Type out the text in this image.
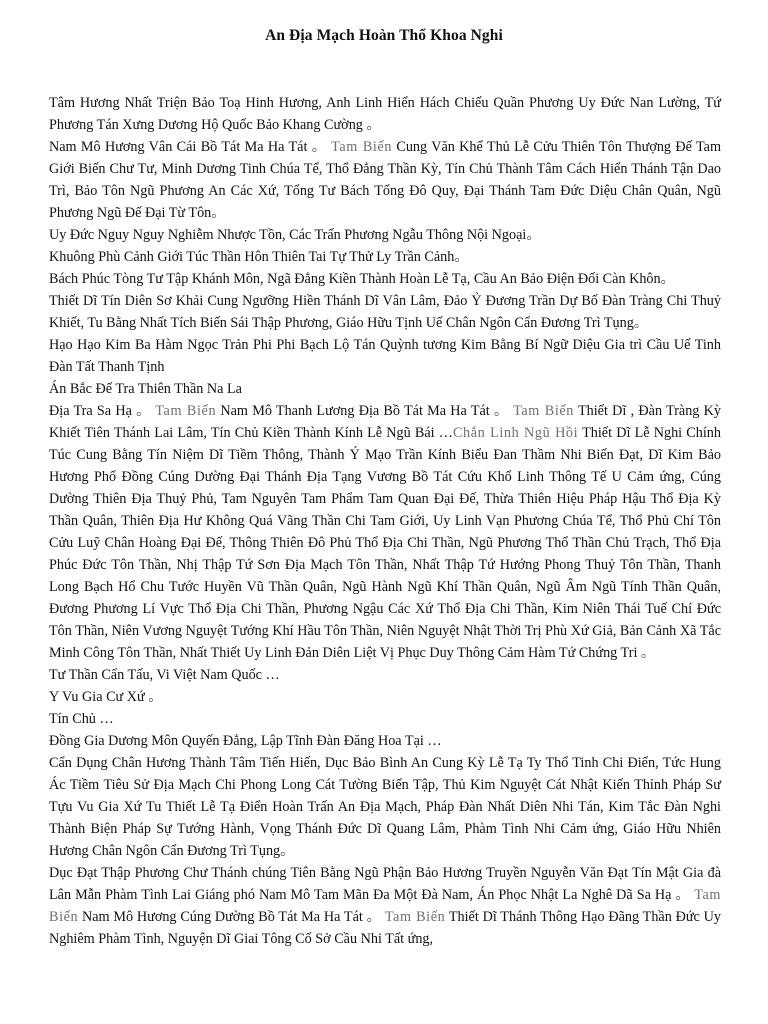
An Địa Mạch Hoàn Thổ Khoa Nghi

Tâm Hương Nhất Triện Bảo Toạ Hinh Hương, Anh Linh Hiển Hách Chiếu Quần Phương Uy Đức Nan Lường, Tứ Phương Tán Xưng Dương Hộ Quốc Bảo Khang Cường 。

Nam Mô Hương Vân Cái Bồ Tát Ma Ha Tát 。 Tam Biến Cung Văn Khể Thủ Lễ Cửu Thiên Tôn Thượng Đế Tam Giới Biến Chư Tư, Minh Dương Tinh Chúa Tể, Thổ Đẳng Thần Kỳ, Tín Chủ Thành Tâm Cách Hiển Thánh Tận Dao Trì, Bảo Tôn Ngũ Phương An Các Xứ, Tổng Tư Bách Tổng Đô Quy, Đại Thánh Tam Đức Diệu Chân Quân, Ngũ Phương Ngũ Đế Đại Từ Tôn。

Uy Đức Nguy Nguy Nghiễm Nhược Tồn, Các Trấn Phương Ngẫu Thông Nội Ngoại。

Khuông Phù Cảnh Giới Túc Thần Hôn Thiên Tai Tự Thử Ly Trần Cảnh。

Bách Phúc Tòng Tư Tập Khánh Môn, Ngã Đẳng Kiền Thành Hoàn Lễ Tạ, Cầu An Bảo Điện Đối Càn Khôn。

Thiết Dĩ Tín Diên Sơ Khải Cung Ngưỡng Hiền Thánh Dĩ Vân Lâm, Đảo Ỷ Đương Trần Dự Bố Đàn Tràng Chi Thuỷ Khiết, Tu Bằng Nhất Tích Biến Sái Thập Phương, Giáo Hữu Tịnh Uế Chân Ngôn Cẩn Đương Trì Tụng。

Hạo Hạo Kim Ba Hàm Ngọc Trản Phi Phi Bạch Lộ Tán Quỳnh tương Kim Bằng Bí Ngữ Diệu Gia trì Cầu Uế Tinh Đàn Tất Thanh Tịnh

Án Bắc Đế Tra Thiên Thần Na La

Địa Tra Sa Hạ 。 Tam Biến Nam Mô Thanh Lương Địa Bồ Tát Ma Ha Tát 。 Tam Biến Thiết Dĩ , Đàn Tràng Kỳ Khiết Tiên Thánh Lai Lâm, Tín Chủ Kiền Thành Kính Lễ Ngũ Bái …Chắn Linh Ngũ Hồi Thiết Dĩ Lễ Nghi Chính Túc Cung Bằng Tín Niệm Dĩ Tiềm Thông, Thành Ý Mạo Trần Kính Biểu Đan Thầm Nhi Biến Đạt, Dĩ Kim Bảo Hương Phổ Đồng Cúng Dường Đại Thánh Địa Tạng Vương Bồ Tát Cứu Khổ Linh Thông Tế U Cảm ứng, Cúng Dường Thiên Địa Thuỷ Phủ, Tam Nguyên Tam Phẩm Tam Quan Đại Đế, Thừa Thiên Hiệu Pháp Hậu Thổ Địa Kỳ Thần Quân, Thiên Địa Hư Không Quá Vãng Thần Chi Tam Giới, Uy Linh Vạn Phương Chúa Tể, Thổ Phủ Chí Tôn Cửu Luỹ Chân Hoàng Đại Đế, Thông Thiên Đô Phủ Thổ Địa Chi Thần, Ngũ Phương Thổ Thần Chủ Trạch, Thổ Địa Phúc Đức Tôn Thần, Nhị Thập Tứ Sơn Địa Mạch Tôn Thần, Nhất Thập Tứ Hướng Phong Thuỷ Tôn Thần, Thanh Long Bạch Hổ Chu Tước Huyền Vũ Thần Quân, Ngũ Hành Ngũ Khí Thần Quân, Ngũ Âm Ngũ Tính Thần Quân, Đương Phương Lí Vực Thổ Địa Chi Thần, Phương Ngậu Các Xứ Thổ Địa Chi Thần, Kim Niên Thái Tuế Chí Đức Tôn Thần, Niên Vương Nguyệt Tướng Khí Hầu Tôn Thần, Niên Nguyệt Nhật Thời Trị Phù Xứ Giả, Bản Cảnh Xã Tắc Minh Công Tôn Thần, Nhất Thiết Uy Linh Đản Diên Liệt Vị Phục Duy Thông Cảm Hàm Tứ Chứng Tri 。

Tư Thần Cẩn Tấu, Vi Việt Nam Quốc …

Y Vu Gia Cư Xứ 。

Tín Chủ …

Đồng Gia Dương Môn Quyến Đẳng, Lập Tĩnh Đàn Đăng Hoa Tại …

Cẩn Dụng Chân Hương Thành Tâm Tiến Hiến, Dục Bảo Bình An Cung Kỳ Lễ Tạ Ty Thổ Tinh Chi Điển, Tức Hung Ác Tiềm Tiêu Sử Địa Mạch Chi Phong Long Cát Tường Biến Tập, Thủ Kim Nguyệt Cát Nhật Kiến Thỉnh Pháp Sư Tựu Vu Gia Xứ Tu Thiết Lễ Tạ Điển Hoàn Trấn An Địa Mạch, Pháp Đàn Nhất Diên Nhi Tán, Kim Tắc Đàn Nghi Thành Biện Pháp Sự Tướng Hành, Vọng Thánh Đức Dĩ Quang Lâm, Phàm Tình Nhi Cảm ứng, Giáo Hữu Nhiên Hương Chân Ngôn Cẩn Đương Trì Tụng。

Dục Đạt Thập Phương Chư Thánh chúng Tiên Bằng Ngũ Phận Bảo Hương Truyền Nguyễn Văn Đạt Tín Mật Gia đà Lân Mẫn Phàm Tình Lai Giáng phó Nam Mô Tam Mãn Đa Một Đà Nam, Án Phọc Nhật La Nghê Dã Sa Hạ 。 Tam Biến Nam Mô Hương Cúng Dường Bồ Tát Ma Ha Tát 。 Tam Biến Thiết Dĩ Thánh Thông Hạo Đãng Thần Đức Uy Nghiêm Phàm Tình, Nguyện Dĩ Giai Tông Cố Sở Cầu Nhi Tất ứng,
